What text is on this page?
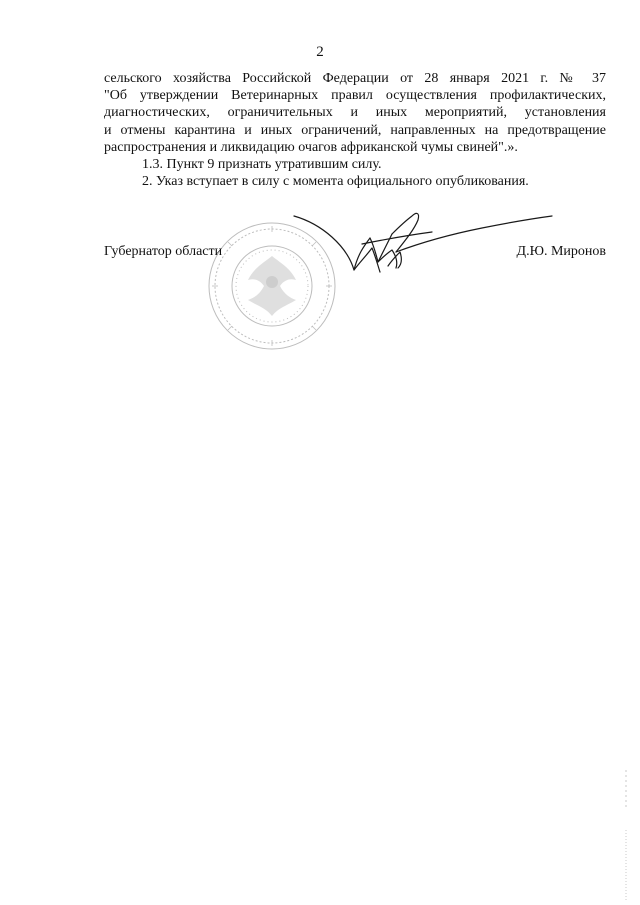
2
сельского хозяйства Российской Федерации от 28 января 2021 г. № 37
"Об утверждении Ветеринарных правил осуществления профилактических,
диагностических, ограничительных и иных мероприятий, установления
и отмены карантина и иных ограничений, направленных на предотвращение
распространения и ликвидацию очагов африканской чумы свиней".».
1.3. Пункт 9 признать утратившим силу.
2. Указ вступает в силу с момента официального опубликования.
Губернатор области	Д.Ю. Миронов
